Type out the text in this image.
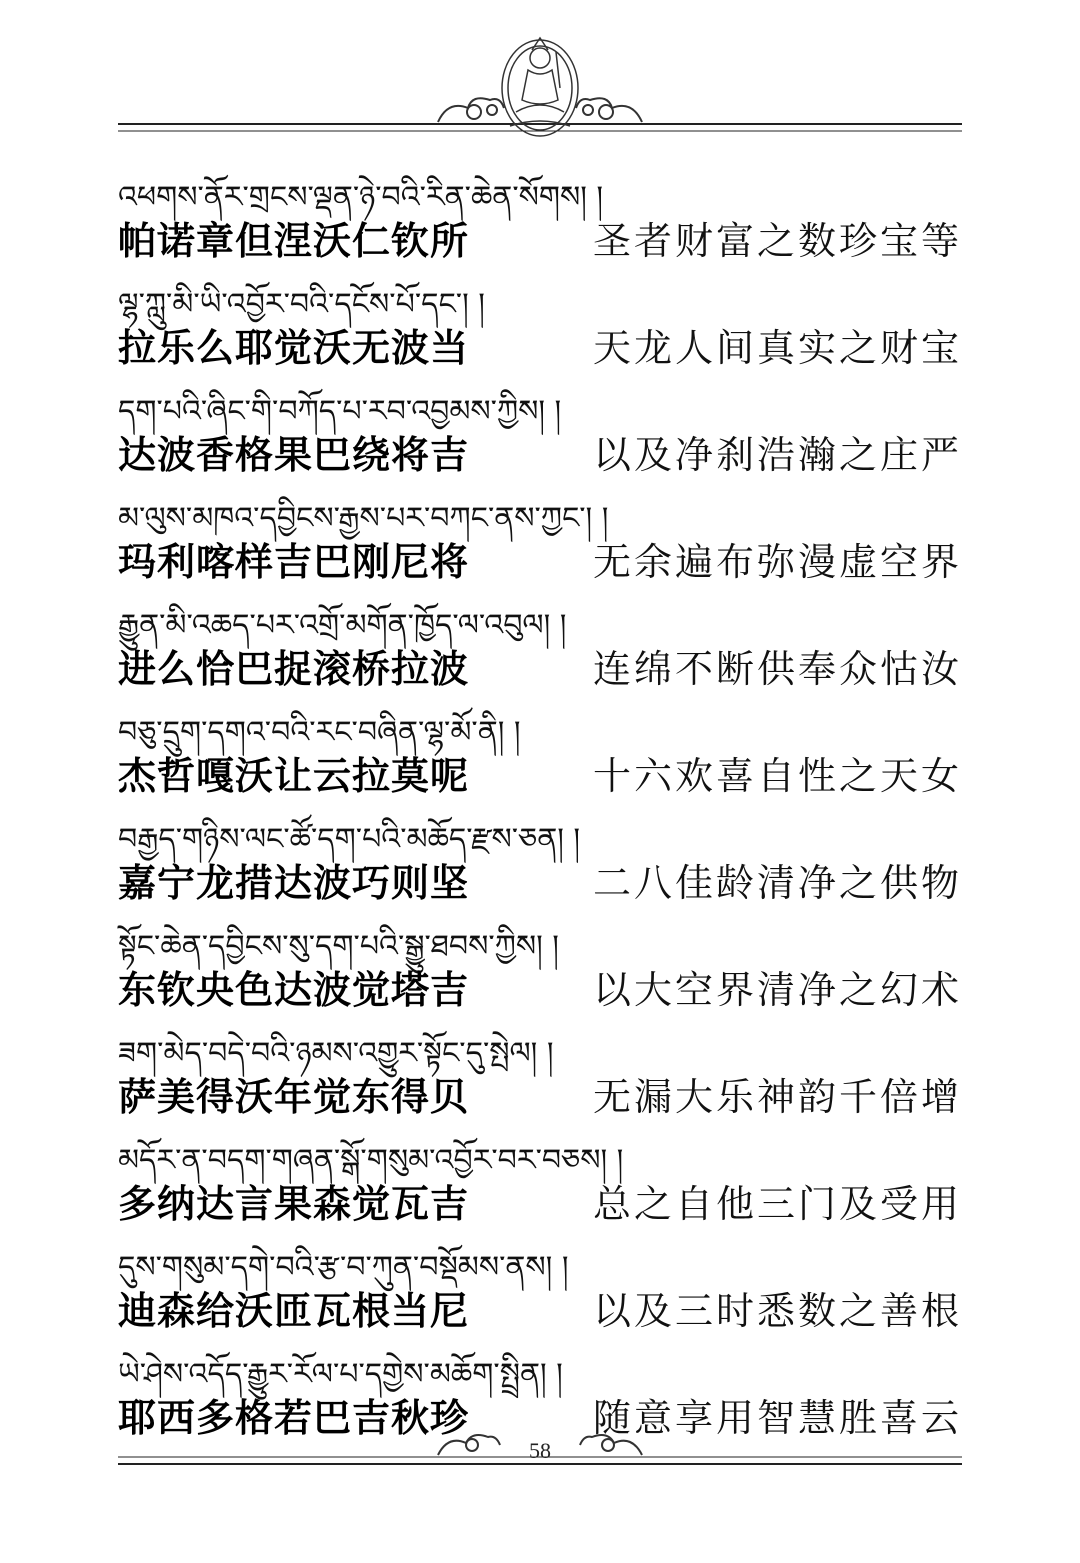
འཕགས་ནོར་གྲངས་ལྡན་ཉེ་བའི་རིན་ཆེན་སོགས། །
帕诺章但涅沃仁钦所	圣者财富之数珍宝等
ལྷ་ཀླུ་མི་ཡི་འབྱོར་བའི་དངོས་པོ་དང་། །
拉乐么耶觉沃无波当	天龙人间真实之财宝
དག་པའི་ཞིང་གི་བཀོད་པ་རབ་འབྱམས་ཀྱིས། །
达波香格果巴绕将吉	以及净刹浩瀚之庄严
མ་ལུས་མཁའ་དབྱིངས་རྒྱས་པར་བཀང་ནས་ཀྱང་། །
玛利喀样吉巴刚尼将	无余遍布弥漫虚空界
རྒྱུན་མི་འཆད་པར་འགྲོ་མགོན་ཁྱོད་ལ་འབུལ། །
进么恰巴捉滚桥拉波	连绵不断供奉众怙汝
བཅུ་དྲུག་དགའ་བའི་རང་བཞིན་ལྷ་མོ་ནི། །
杰哲嘎沃让云拉莫呢	十六欢喜自性之天女
བརྒྱད་གཉིས་ལང་ཚོ་དག་པའི་མཆོད་རྫས་ཅན། །
嘉宁龙措达波巧则坚	二八佳龄清净之供物
སྟོང་ཆེན་དབྱིངས་སུ་དག་པའི་སྒྱུ་ཐབས་ཀྱིས། །
东钦央色达波觉塔吉	以大空界清净之幻术
ཟག་མེད་བདེ་བའི་ཉམས་འགྱུར་སྟོང་དུ་སྤེལ། །
萨美得沃年觉东得贝	无漏大乐神韵千倍增
མདོར་ན་བདག་གཞན་སྒོ་གསུམ་འབྱོར་བར་བཅས། །
多纳达言果森觉瓦吉	总之自他三门及受用
དུས་གསུམ་དགེ་བའི་རྩ་བ་ཀུན་བསྡོམས་ནས། །
迪森给沃匝瓦根当尼	以及三时悉数之善根
ཡེ་ཤེས་འདོད་རྒྱུར་རོལ་པ་དགྱེས་མཆོག་སྤྲིན། །
耶西多格若巴吉秋珍	随意享用智慧胜喜云
58
